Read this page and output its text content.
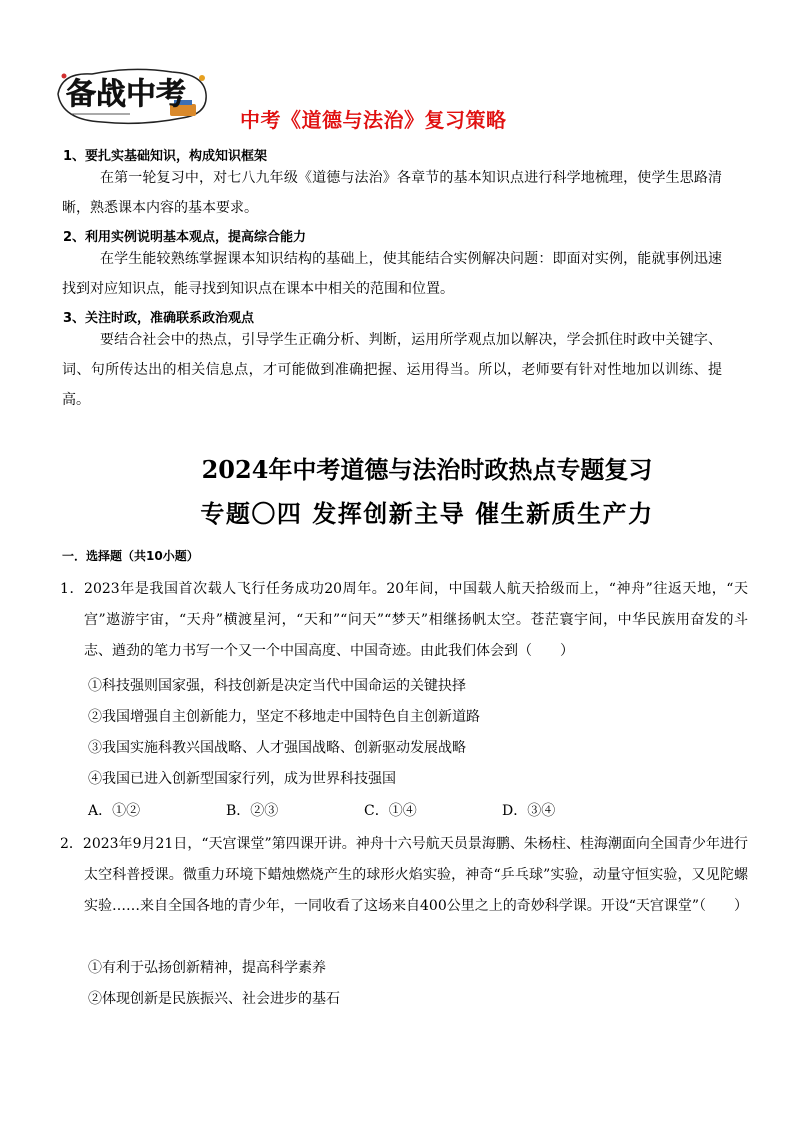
备战中考
中考《道德与法治》复习策略
1、要扎实基础知识，构成知识框架

在第一轮复习中，对七八九年级《道德与法治》各章节的基本知识点进行科学地梳理，使学生思路清晰，熟悉课本内容的基本要求。

2、利用实例说明基本观点，提高综合能力

在学生能较熟练掌握课本知识结构的基础上，使其能结合实例解决问题：即面对实例，能就事例迅速找到对应知识点，能寻找到知识点在课本中相关的范围和位置。

3、关注时政，准确联系政治观点

要结合社会中的热点，引导学生正确分析、判断，运用所学观点加以解决，学会抓住时政中关键字、词、句所传达出的相关信息点，才可能做到准确把握、运用得当。所以，老师要有针对性地加以训练、提高。

2024年中考道德与法治时政热点专题复习
专题〇四 发挥创新主导 催生新质生产力
一．选择题（共10小题）

1．2023年是我国首次载人飞行任务成功20周年。20年间，中国载人航天拾级而上，“神舟”往返天地，“天宫”遨游宇宙，“天舟”横渡星河，“天和”“问天”“梦天”相继扬帆太空。苍茫寰宇间，中华民族用奋发的斗志、遒劲的笔力书写一个又一个中国高度、中国奇迹。由此我们体会到（　　）

①科技强则国家强，科技创新是决定当代中国命运的关键抉择
②我国增强自主创新能力，坚定不移地走中国特色自主创新道路
③我国实施科教兴国战略、人才强国战略、创新驱动发展战略
④我国已进入创新型国家行列，成为世界科技强国
A．①②	B．②③	C．①④	D．③④

2．2023年9月21日，“天宫课堂”第四课开讲。神舟十六号航天员景海鹏、朱杨柱、桂海潮面向全国青少年进行太空科普授课。微重力环境下蜡烛燃烧产生的球形火焰实验，神奇“乒乓球”实验，动量守恒实验，又见陀螺实验……来自全国各地的青少年，一同收看了这场来自400公里之上的奇妙科学课。开设“天宫课堂”（　　）

①有利于弘扬创新精神，提高科学素养
②体现创新是民族振兴、社会进步的基石
